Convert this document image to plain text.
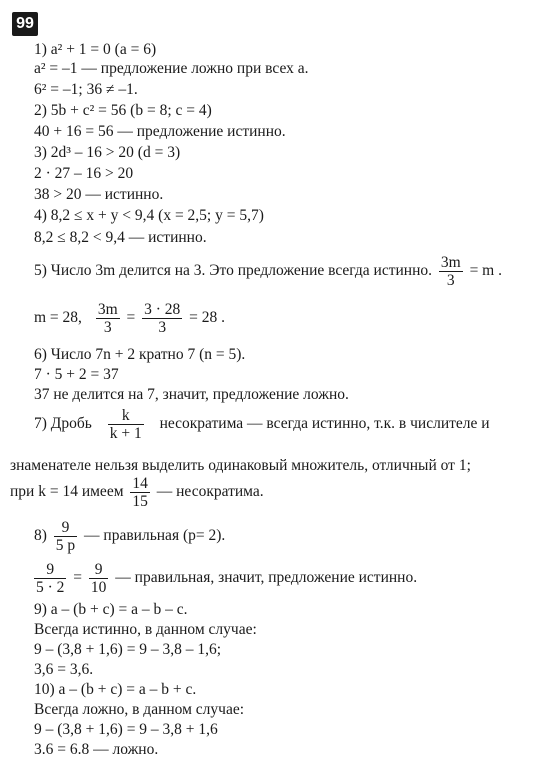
99
1) a² + 1 = 0 (a = 6)
a² = –1 — предложение ложно при всех a.
6² = –1; 36 ≠ –1.
2) 5b + c² = 56 (b = 8; c = 4)
40 + 16 = 56 — предложение истинно.
3) 2d³ – 16 > 20 (d = 3)
2 · 27 – 16 > 20
38 > 20 — истинно.
4) 8,2 ≤ x + y < 9,4 (x = 2,5; y = 5,7)
8,2 ≤ 8,2 < 9,4 — истинно.
5) Число 3m делится на 3. Это предложение всегда истинно. $\frac{3m}{3} = m$ .
m = 28, $\frac{3m}{3} = \frac{3 \cdot 28}{3} = 28$ .
6) Число 7n + 2 кратно 7 (n = 5).
7 · 5 + 2 = 37
37 не делится на 7, значит, предложение ложно.
7) Дробь $\frac{k}{k + 1}$ несократима — всегда истинно, т.к. в числителе и
знаменателе нельзя выделить одинаковый множитель, отличный от 1;
при k = 14 имеем $\frac{14}{15}$ — несократима.
$8) \frac{9}{5 p}$ — правильная (p= 2).
$\frac{9}{5 \cdot 2} = \frac{9}{10}$ — правильная, значит, предложение истинно.
9) a – (b + c) = a – b – c.
Всегда истинно, в данном случае:
9 – (3,8 + 1,6) = 9 – 3,8 – 1,6;
3,6 = 3,6.
10) a – (b + c) = a – b + c.
Всегда ложно, в данном случае:
9 – (3,8 + 1,6) = 9 – 3,8 + 1,6
3.6 = 6.8 — ложно.
